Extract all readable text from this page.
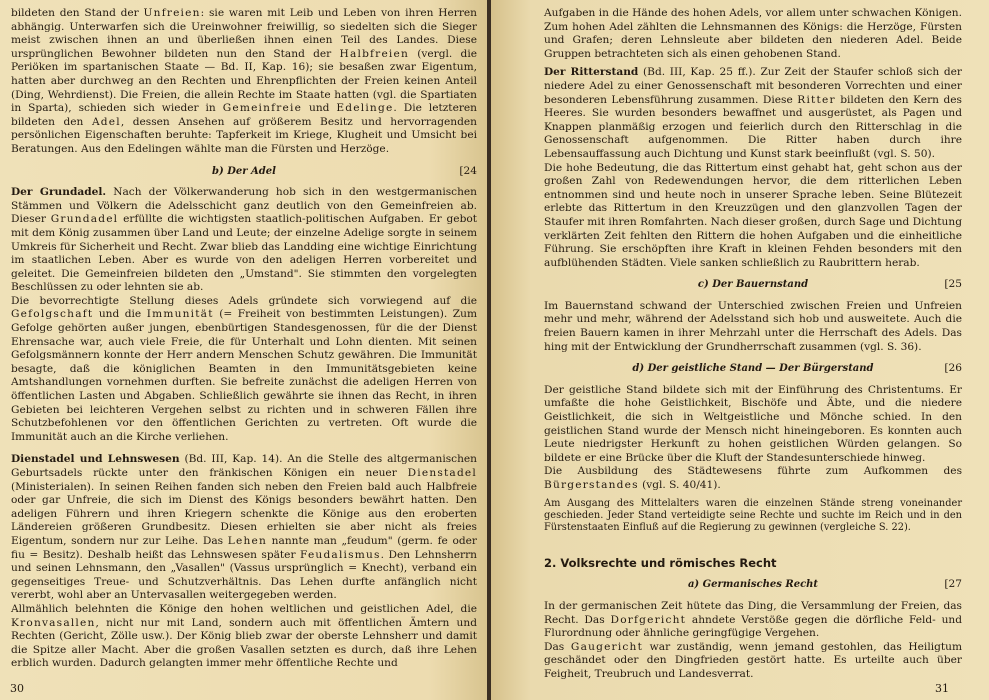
bildeten den Stand der Unfreien: sie waren mit Leib und Leben von ihren Herren abhängig. Unterwarfen sich die Ureinwohner freiwillig, so siedelten sich die Sieger meist zwischen ihnen an und überließen ihnen einen Teil des Landes. Diese ursprünglichen Bewohner bildeten nun den Stand der Halbfreien (vergl. die Periöken im spartanischen Staate — Bd. II, Kap. 16); sie besaßen zwar Eigentum, hatten aber durchweg an den Rechten und Ehrenpflichten der Freien keinen Anteil (Ding, Wehrdienst). Die Freien, die allein Rechte im Staate hatten (vgl. die Spartiaten in Sparta), schieden sich wieder in Gemeinfreie und Edelinge. Die letzteren bildeten den Adel, dessen Ansehen auf größerem Besitz und hervorragenden persönlichen Eigenschaften beruhte: Tapferkeit im Kriege, Klugheit und Umsicht bei Beratungen. Aus den Edelingen wählte man die Fürsten und Herzöge.

b) Der Adel	[24

Der Grundadel. Nach der Völkerwanderung hob sich in den westgermanischen Stämmen und Völkern die Adelsschicht ganz deutlich von den Gemeinfreien ab. Dieser Grundadel erfüllte die wichtigsten staatlich-politischen Aufgaben. Er gebot mit dem König zusammen über Land und Leute; der einzelne Adelige sorgte in seinem Umkreis für Sicherheit und Recht. Zwar blieb das Landding eine wichtige Einrichtung im staatlichen Leben. Aber es wurde von den adeligen Herren vorbereitet und geleitet. Die Gemeinfreien bildeten den „Umstand". Sie stimmten den vorgelegten Beschlüssen zu oder lehnten sie ab.

Die bevorrechtigte Stellung dieses Adels gründete sich vorwiegend auf die Gefolgschaft und die Immunität (= Freiheit von bestimmten Leistungen). Zum Gefolge gehörten außer jungen, ebenbürtigen Standesgenossen, für die der Dienst Ehrensache war, auch viele Freie, die für Unterhalt und Lohn dienten. Mit seinen Gefolgsmännern konnte der Herr andern Menschen Schutz gewähren. Die Immunität besagte, daß die königlichen Beamten in den Immunitätsgebieten keine Amtshandlungen vornehmen durften. Sie befreite zunächst die adeligen Herren von öffentlichen Lasten und Abgaben. Schließlich gewährte sie ihnen das Recht, in ihren Gebieten bei leichteren Vergehen selbst zu richten und in schweren Fällen ihre Schutzbefohlenen vor den öffentlichen Gerichten zu vertreten. Oft wurde die Immunität auch an die Kirche verliehen.

Dienstadel und Lehnswesen (Bd. III, Kap. 14). An die Stelle des altgermanischen Geburtsadels rückte unter den fränkischen Königen ein neuer Dienstadel (Ministerialen). In seinen Reihen fanden sich neben den Freien bald auch Halbfreie oder gar Unfreie, die sich im Dienst des Königs besonders bewährt hatten. Den adeligen Führern und ihren Kriegern schenkte die Könige aus den eroberten Ländereien größeren Grundbesitz. Diesen erhielten sie aber nicht als freies Eigentum, sondern nur zur Leihe. Das Lehen nannte man „feudum" (germ. fe oder fiu = Besitz). Deshalb heißt das Lehnswesen später Feudalismus. Den Lehnsherrn und seinen Lehnsmann, den „Vasallen" (Vassus ursprünglich = Knecht), verband ein gegenseitiges Treue- und Schutzverhältnis. Das Lehen durfte anfänglich nicht vererbt, wohl aber an Untervasallen weitergegeben werden.

Allmählich belehnten die Könige den hohen weltlichen und geistlichen Adel, die Kronvasallen, nicht nur mit Land, sondern auch mit öffentlichen Ämtern und Rechten (Gericht, Zölle usw.). Der König blieb zwar der oberste Lehnsherr und damit die Spitze aller Macht. Aber die großen Vasallen setzten es durch, daß ihre Lehen erblich wurden. Dadurch gelangten immer mehr öffentliche Rechte und

30

Aufgaben in die Hände des hohen Adels, vor allem unter schwachen Königen. Zum hohen Adel zählten die Lehnsmannen des Königs: die Herzöge, Fürsten und Grafen; deren Lehnsleute aber bildeten den niederen Adel. Beide Gruppen betrachteten sich als einen gehobenen Stand.

Der Ritterstand (Bd. III, Kap. 25 ff.). Zur Zeit der Staufer schloß sich der niedere Adel zu einer Genossenschaft mit besonderen Vorrechten und einer besonderen Lebensführung zusammen. Diese Ritter bildeten den Kern des Heeres. Sie wurden besonders bewaffnet und ausgerüstet, als Pagen und Knappen planmäßig erzogen und feierlich durch den Ritterschlag in die Genossenschaft aufgenommen. Die Ritter haben durch ihre Lebensauffassung auch Dichtung und Kunst stark beeinflußt (vgl. S. 50).

Die hohe Bedeutung, die das Rittertum einst gehabt hat, geht schon aus der großen Zahl von Redewendungen hervor, die dem ritterlichen Leben entnommen sind und heute noch in unserer Sprache leben. Seine Blütezeit erlebte das Rittertum in den Kreuzzügen und den glanzvollen Tagen der Staufer mit ihren Romfahrten. Nach dieser großen, durch Sage und Dichtung verklärten Zeit fehlten den Rittern die hohen Aufgaben und die einheitliche Führung. Sie erschöpften ihre Kraft in kleinen Fehden besonders mit den aufblühenden Städten. Viele sanken schließlich zu Raubrittern herab.

c) Der Bauernstand	[25

Im Bauernstand schwand der Unterschied zwischen Freien und Unfreien mehr und mehr, während der Adelsstand sich hob und ausweitete. Auch die freien Bauern kamen in ihrer Mehrzahl unter die Herrschaft des Adels. Das hing mit der Entwicklung der Grundherrschaft zusammen (vgl. S. 36).

d) Der geistliche Stand — Der Bürgerstand	[26

Der geistliche Stand bildete sich mit der Einführung des Christentums. Er umfaßte die hohe Geistlichkeit, Bischöfe und Äbte, und die niedere Geistlichkeit, die sich in Weltgeistliche und Mönche schied. In den geistlichen Stand wurde der Mensch nicht hineingeboren. Es konnten auch Leute niedrigster Herkunft zu hohen geistlichen Würden gelangen. So bildete er eine Brücke über die Kluft der Standesunterschiede hinweg.

Die Ausbildung des Städtewesens führte zum Aufkommen des Bürgerstandes (vgl. S. 40/41).

Am Ausgang des Mittelalters waren die einzelnen Stände streng voneinander geschieden. Jeder Stand verteidigte seine Rechte und suchte im Reich und in den Fürstenstaaten Einfluß auf die Regierung zu gewinnen (vergleiche S. 22).

2. Volksrechte und römisches Recht

a) Germanisches Recht	[27

In der germanischen Zeit hütete das Ding, die Versammlung der Freien, das Recht. Das Dorfgericht ahndete Verstöße gegen die dörfliche Feld- und Flurordnung oder ähnliche geringfügige Vergehen.

Das Gaugericht war zuständig, wenn jemand gestohlen, das Heiligtum geschändet oder den Dingfrieden gestört hatte. Es urteilte auch über Feigheit, Treubruch und Landesverrat.

31
